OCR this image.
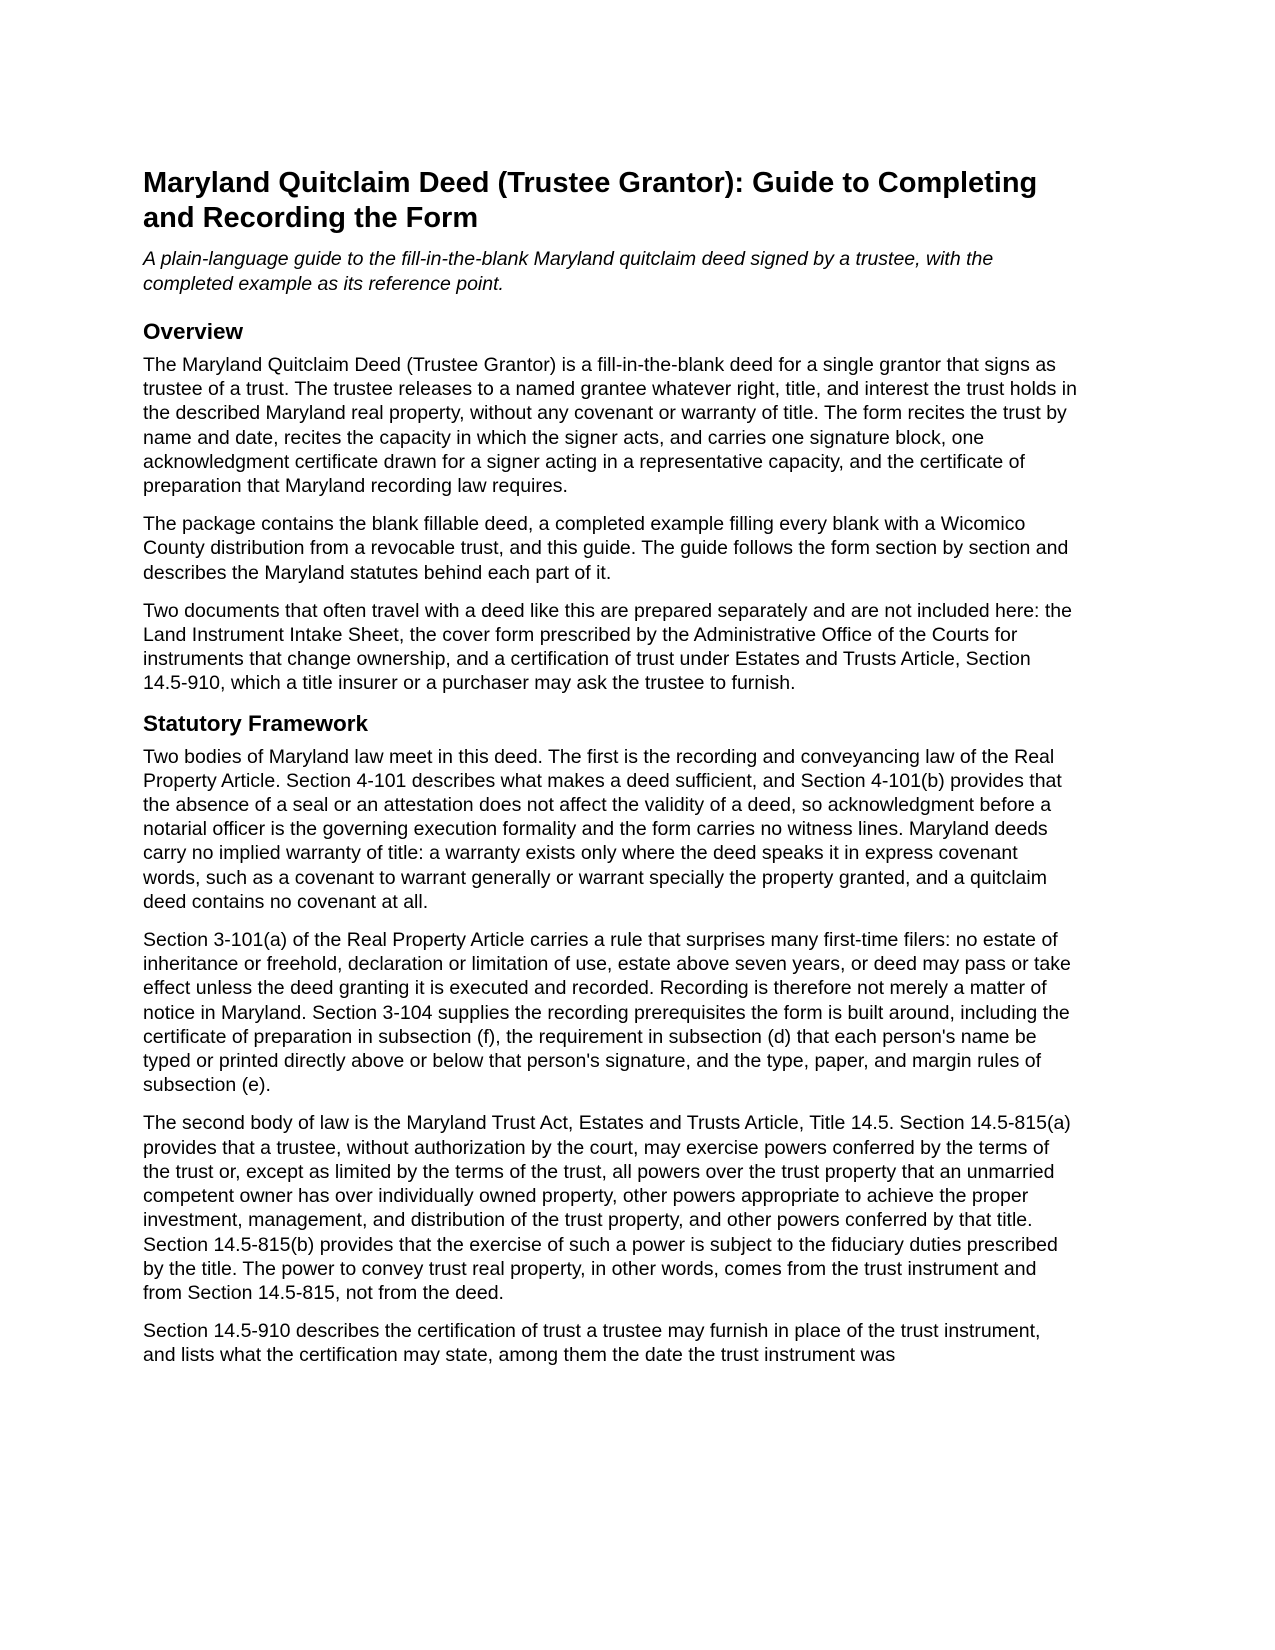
Maryland Quitclaim Deed (Trustee Grantor): Guide to Completing and Recording the Form

A plain-language guide to the fill-in-the-blank Maryland quitclaim deed signed by a trustee, with the completed example as its reference point.

Overview

The Maryland Quitclaim Deed (Trustee Grantor) is a fill-in-the-blank deed for a single grantor that signs as trustee of a trust. The trustee releases to a named grantee whatever right, title, and interest the trust holds in the described Maryland real property, without any covenant or warranty of title. The form recites the trust by name and date, recites the capacity in which the signer acts, and carries one signature block, one acknowledgment certificate drawn for a signer acting in a representative capacity, and the certificate of preparation that Maryland recording law requires.

The package contains the blank fillable deed, a completed example filling every blank with a Wicomico County distribution from a revocable trust, and this guide. The guide follows the form section by section and describes the Maryland statutes behind each part of it.

Two documents that often travel with a deed like this are prepared separately and are not included here: the Land Instrument Intake Sheet, the cover form prescribed by the Administrative Office of the Courts for instruments that change ownership, and a certification of trust under Estates and Trusts Article, Section 14.5-910, which a title insurer or a purchaser may ask the trustee to furnish.

Statutory Framework

Two bodies of Maryland law meet in this deed. The first is the recording and conveyancing law of the Real Property Article. Section 4-101 describes what makes a deed sufficient, and Section 4-101(b) provides that the absence of a seal or an attestation does not affect the validity of a deed, so acknowledgment before a notarial officer is the governing execution formality and the form carries no witness lines. Maryland deeds carry no implied warranty of title: a warranty exists only where the deed speaks it in express covenant words, such as a covenant to warrant generally or warrant specially the property granted, and a quitclaim deed contains no covenant at all.

Section 3-101(a) of the Real Property Article carries a rule that surprises many first-time filers: no estate of inheritance or freehold, declaration or limitation of use, estate above seven years, or deed may pass or take effect unless the deed granting it is executed and recorded. Recording is therefore not merely a matter of notice in Maryland. Section 3-104 supplies the recording prerequisites the form is built around, including the certificate of preparation in subsection (f), the requirement in subsection (d) that each person's name be typed or printed directly above or below that person's signature, and the type, paper, and margin rules of subsection (e).

The second body of law is the Maryland Trust Act, Estates and Trusts Article, Title 14.5. Section 14.5-815(a) provides that a trustee, without authorization by the court, may exercise powers conferred by the terms of the trust or, except as limited by the terms of the trust, all powers over the trust property that an unmarried competent owner has over individually owned property, other powers appropriate to achieve the proper investment, management, and distribution of the trust property, and other powers conferred by that title. Section 14.5-815(b) provides that the exercise of such a power is subject to the fiduciary duties prescribed by the title. The power to convey trust real property, in other words, comes from the trust instrument and from Section 14.5-815, not from the deed.

Section 14.5-910 describes the certification of trust a trustee may furnish in place of the trust instrument, and lists what the certification may state, among them the date the trust instrument was
